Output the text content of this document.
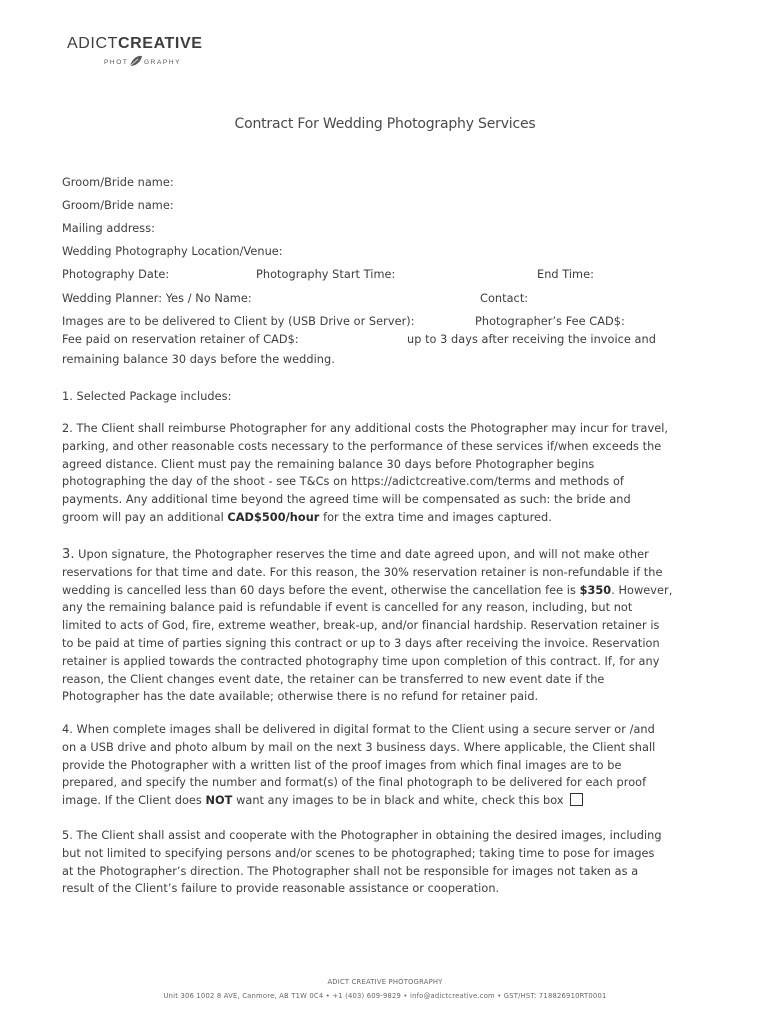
ADICTCREATIVE
PHOT GRAPHY
Contract For Wedding Photography Services
Groom/Bride name:
Groom/Bride name:
Mailing address:
Wedding Photography Location/Venue:
Photography Date:	Photography Start Time:	End Time:
Wedding Planner: Yes / No Name:	Contact:
Images are to be delivered to Client by (USB Drive or Server):	Photographer’s Fee CAD$:
Fee paid on reservation retainer of CAD$:	up to 3 days after receiving the invoice and
remaining balance 30 days before the wedding.
1. Selected Package includes:
2. The Client shall reimburse Photographer for any additional costs the Photographer may incur for travel,
parking, and other reasonable costs necessary to the performance of these services if/when exceeds the
agreed distance. Client must pay the remaining balance 30 days before Photographer begins
photographing the day of the shoot - see T&Cs on https://adictcreative.com/terms and methods of
payments. Any additional time beyond the agreed time will be compensated as such: the bride and
groom will pay an additional CAD$500/hour for the extra time and images captured.
3. Upon signature, the Photographer reserves the time and date agreed upon, and will not make other
reservations for that time and date. For this reason, the 30% reservation retainer is non-refundable if the
wedding is cancelled less than 60 days before the event, otherwise the cancellation fee is $350. However,
any the remaining balance paid is refundable if event is cancelled for any reason, including, but not
limited to acts of God, fire, extreme weather, break-up, and/or financial hardship. Reservation retainer is
to be paid at time of parties signing this contract or up to 3 days after receiving the invoice. Reservation
retainer is applied towards the contracted photography time upon completion of this contract. If, for any
reason, the Client changes event date, the retainer can be transferred to new event date if the
Photographer has the date available; otherwise there is no refund for retainer paid.
4. When complete images shall be delivered in digital format to the Client using a secure server or /and
on a USB drive and photo album by mail on the next 3 business days. Where applicable, the Client shall
provide the Photographer with a written list of the proof images from which final images are to be
prepared, and specify the number and format(s) of the final photograph to be delivered for each proof
image. If the Client does NOT want any images to be in black and white, check this box
5. The Client shall assist and cooperate with the Photographer in obtaining the desired images, including
but not limited to specifying persons and/or scenes to be photographed; taking time to pose for images
at the Photographer’s direction. The Photographer shall not be responsible for images not taken as a
result of the Client’s failure to provide reasonable assistance or cooperation.
ADICT CREATIVE PHOTOGRAPHY
Unit 306 1002 8 AVE, Canmore, AB T1W 0C4 • +1 (403) 609-9829 • info@adictcreative.com • GST/HST: 718826910RT0001
